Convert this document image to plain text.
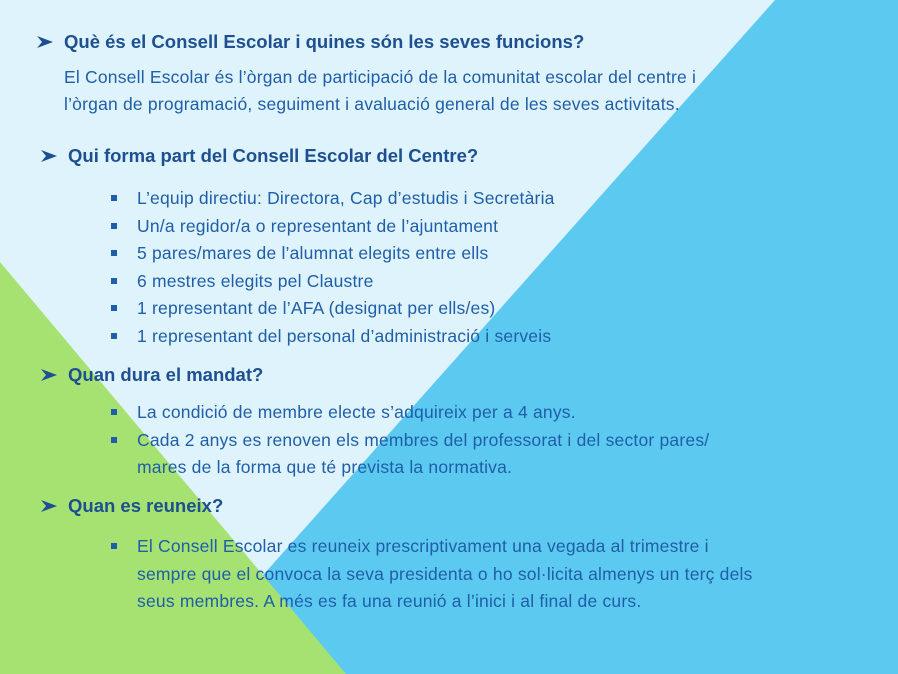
Què és el Consell Escolar i quines són les seves funcions?
El Consell Escolar és l’òrgan de participació de la comunitat escolar del centre i
l’òrgan de programació, seguiment i avaluació general de les seves activitats.
Qui forma part del Consell Escolar del Centre?
L’equip directiu: Directora, Cap d’estudis i Secretària
Un/a regidor/a o representant de l’ajuntament
5 pares/mares de l’alumnat elegits entre ells
6 mestres elegits pel Claustre
1 representant de l’AFA (designat per ells/es)
1 representant del personal d’administració i serveis
Quan dura el mandat?
La condició de membre electe s’adquireix per a 4 anys.
Cada 2 anys es renoven els membres del professorat i del sector pares/
mares de la forma que té prevista la normativa.
Quan es reuneix?
El Consell Escolar es reuneix prescriptivament una vegada al trimestre i
sempre que el convoca la seva presidenta o ho sol·licita almenys un terç dels
seus membres. A més es fa una reunió a l’inici i al final de curs.
